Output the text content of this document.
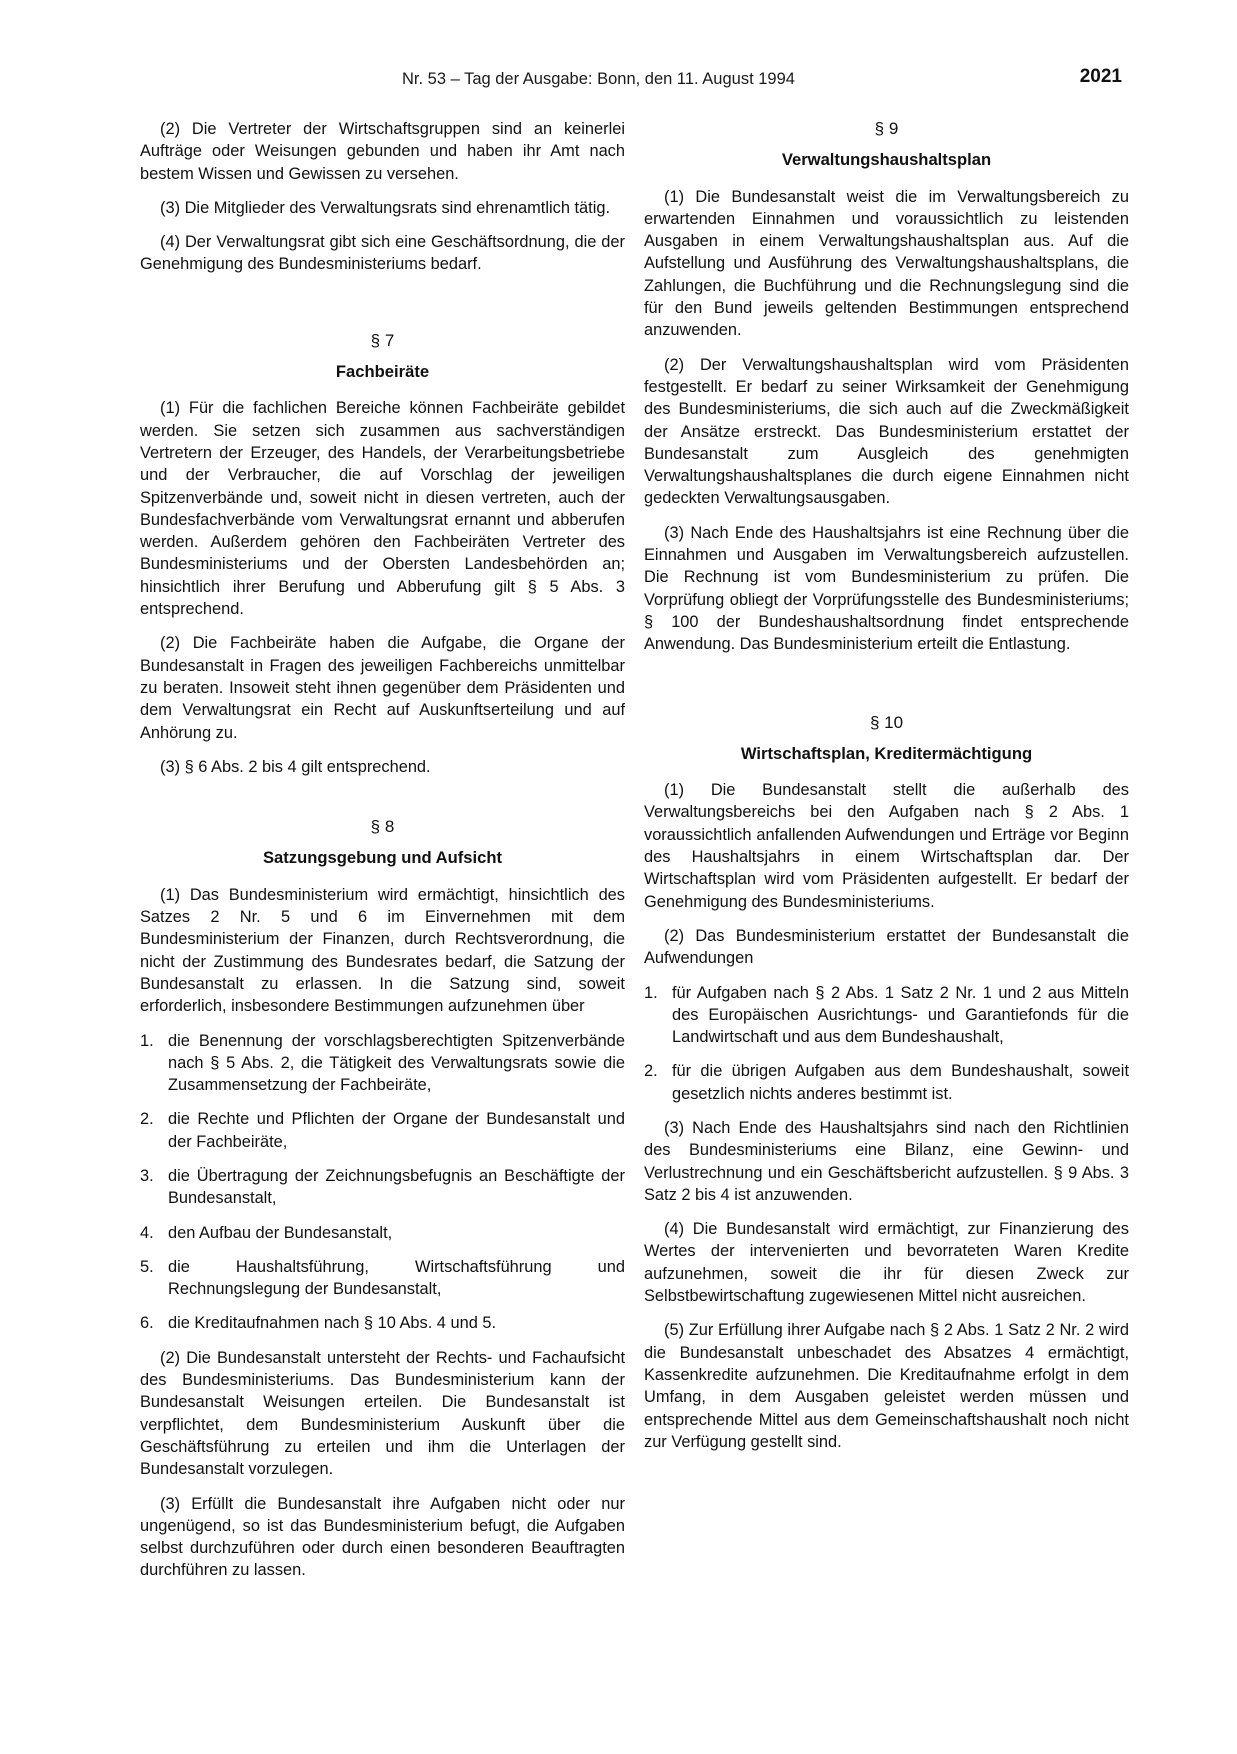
Nr. 53 – Tag der Ausgabe: Bonn, den 11. August 1994	2021

(2) Die Vertreter der Wirtschaftsgruppen sind an keinerlei Aufträge oder Weisungen gebunden und haben ihr Amt nach bestem Wissen und Gewissen zu versehen.

(3) Die Mitglieder des Verwaltungsrats sind ehrenamtlich tätig.

(4) Der Verwaltungsrat gibt sich eine Geschäftsordnung, die der Genehmigung des Bundesministeriums bedarf.

§ 7
Fachbeiräte

(1) Für die fachlichen Bereiche können Fachbeiräte gebildet werden. Sie setzen sich zusammen aus sachverständigen Vertretern der Erzeuger, des Handels, der Verarbeitungsbetriebe und der Verbraucher, die auf Vorschlag der jeweiligen Spitzenverbände und, soweit nicht in diesen vertreten, auch der Bundesfachverbände vom Verwaltungsrat ernannt und abberufen werden. Außerdem gehören den Fachbeiräten Vertreter des Bundesministeriums und der Obersten Landesbehörden an; hinsichtlich ihrer Berufung und Abberufung gilt § 5 Abs. 3 entsprechend.

(2) Die Fachbeiräte haben die Aufgabe, die Organe der Bundesanstalt in Fragen des jeweiligen Fachbereichs unmittelbar zu beraten. Insoweit steht ihnen gegenüber dem Präsidenten und dem Verwaltungsrat ein Recht auf Auskunftserteilung und auf Anhörung zu.

(3) § 6 Abs. 2 bis 4 gilt entsprechend.

§ 8
Satzungsgebung und Aufsicht

(1) Das Bundesministerium wird ermächtigt, hinsichtlich des Satzes 2 Nr. 5 und 6 im Einvernehmen mit dem Bundesministerium der Finanzen, durch Rechtsverordnung, die nicht der Zustimmung des Bundesrates bedarf, die Satzung der Bundesanstalt zu erlassen. In die Satzung sind, soweit erforderlich, insbesondere Bestimmungen aufzunehmen über

1. die Benennung der vorschlagsberechtigten Spitzenverbände nach § 5 Abs. 2, die Tätigkeit des Verwaltungsrats sowie die Zusammensetzung der Fachbeiräte,
2. die Rechte und Pflichten der Organe der Bundesanstalt und der Fachbeiräte,
3. die Übertragung der Zeichnungsbefugnis an Beschäftigte der Bundesanstalt,
4. den Aufbau der Bundesanstalt,
5. die Haushaltsführung, Wirtschaftsführung und Rechnungslegung der Bundesanstalt,
6. die Kreditaufnahmen nach § 10 Abs. 4 und 5.

(2) Die Bundesanstalt untersteht der Rechts- und Fachaufsicht des Bundesministeriums. Das Bundesministerium kann der Bundesanstalt Weisungen erteilen. Die Bundesanstalt ist verpflichtet, dem Bundesministerium Auskunft über die Geschäftsführung zu erteilen und ihm die Unterlagen der Bundesanstalt vorzulegen.

(3) Erfüllt die Bundesanstalt ihre Aufgaben nicht oder nur ungenügend, so ist das Bundesministerium befugt, die Aufgaben selbst durchzuführen oder durch einen besonderen Beauftragten durchführen zu lassen.

§ 9
Verwaltungshaushaltsplan

(1) Die Bundesanstalt weist die im Verwaltungsbereich zu erwartenden Einnahmen und voraussichtlich zu leistenden Ausgaben in einem Verwaltungshaushaltsplan aus. Auf die Aufstellung und Ausführung des Verwaltungshaushaltsplans, die Zahlungen, die Buchführung und die Rechnungslegung sind die für den Bund jeweils geltenden Bestimmungen entsprechend anzuwenden.

(2) Der Verwaltungshaushaltsplan wird vom Präsidenten festgestellt. Er bedarf zu seiner Wirksamkeit der Genehmigung des Bundesministeriums, die sich auch auf die Zweckmäßigkeit der Ansätze erstreckt. Das Bundesministerium erstattet der Bundesanstalt zum Ausgleich des genehmigten Verwaltungshaushaltsplanes die durch eigene Einnahmen nicht gedeckten Verwaltungsausgaben.

(3) Nach Ende des Haushaltsjahrs ist eine Rechnung über die Einnahmen und Ausgaben im Verwaltungsbereich aufzustellen. Die Rechnung ist vom Bundesministerium zu prüfen. Die Vorprüfung obliegt der Vorprüfungsstelle des Bundesministeriums; § 100 der Bundeshaushaltsordnung findet entsprechende Anwendung. Das Bundesministerium erteilt die Entlastung.

§ 10
Wirtschaftsplan, Kreditermächtigung

(1) Die Bundesanstalt stellt die außerhalb des Verwaltungsbereichs bei den Aufgaben nach § 2 Abs. 1 voraussichtlich anfallenden Aufwendungen und Erträge vor Beginn des Haushaltsjahrs in einem Wirtschaftsplan dar. Der Wirtschaftsplan wird vom Präsidenten aufgestellt. Er bedarf der Genehmigung des Bundesministeriums.

(2) Das Bundesministerium erstattet der Bundesanstalt die Aufwendungen

1. für Aufgaben nach § 2 Abs. 1 Satz 2 Nr. 1 und 2 aus Mitteln des Europäischen Ausrichtungs- und Garantiefonds für die Landwirtschaft und aus dem Bundeshaushalt,
2. für die übrigen Aufgaben aus dem Bundeshaushalt, soweit gesetzlich nichts anderes bestimmt ist.

(3) Nach Ende des Haushaltsjahrs sind nach den Richtlinien des Bundesministeriums eine Bilanz, eine Gewinn- und Verlustrechnung und ein Geschäftsbericht aufzustellen. § 9 Abs. 3 Satz 2 bis 4 ist anzuwenden.

(4) Die Bundesanstalt wird ermächtigt, zur Finanzierung des Wertes der intervenierten und bevorrateten Waren Kredite aufzunehmen, soweit die ihr für diesen Zweck zur Selbstbewirtschaftung zugewiesenen Mittel nicht ausreichen.

(5) Zur Erfüllung ihrer Aufgabe nach § 2 Abs. 1 Satz 2 Nr. 2 wird die Bundesanstalt unbeschadet des Absatzes 4 ermächtigt, Kassenkredite aufzunehmen. Die Kreditaufnahme erfolgt in dem Umfang, in dem Ausgaben geleistet werden müssen und entsprechende Mittel aus dem Gemeinschaftshaushalt noch nicht zur Verfügung gestellt sind.
